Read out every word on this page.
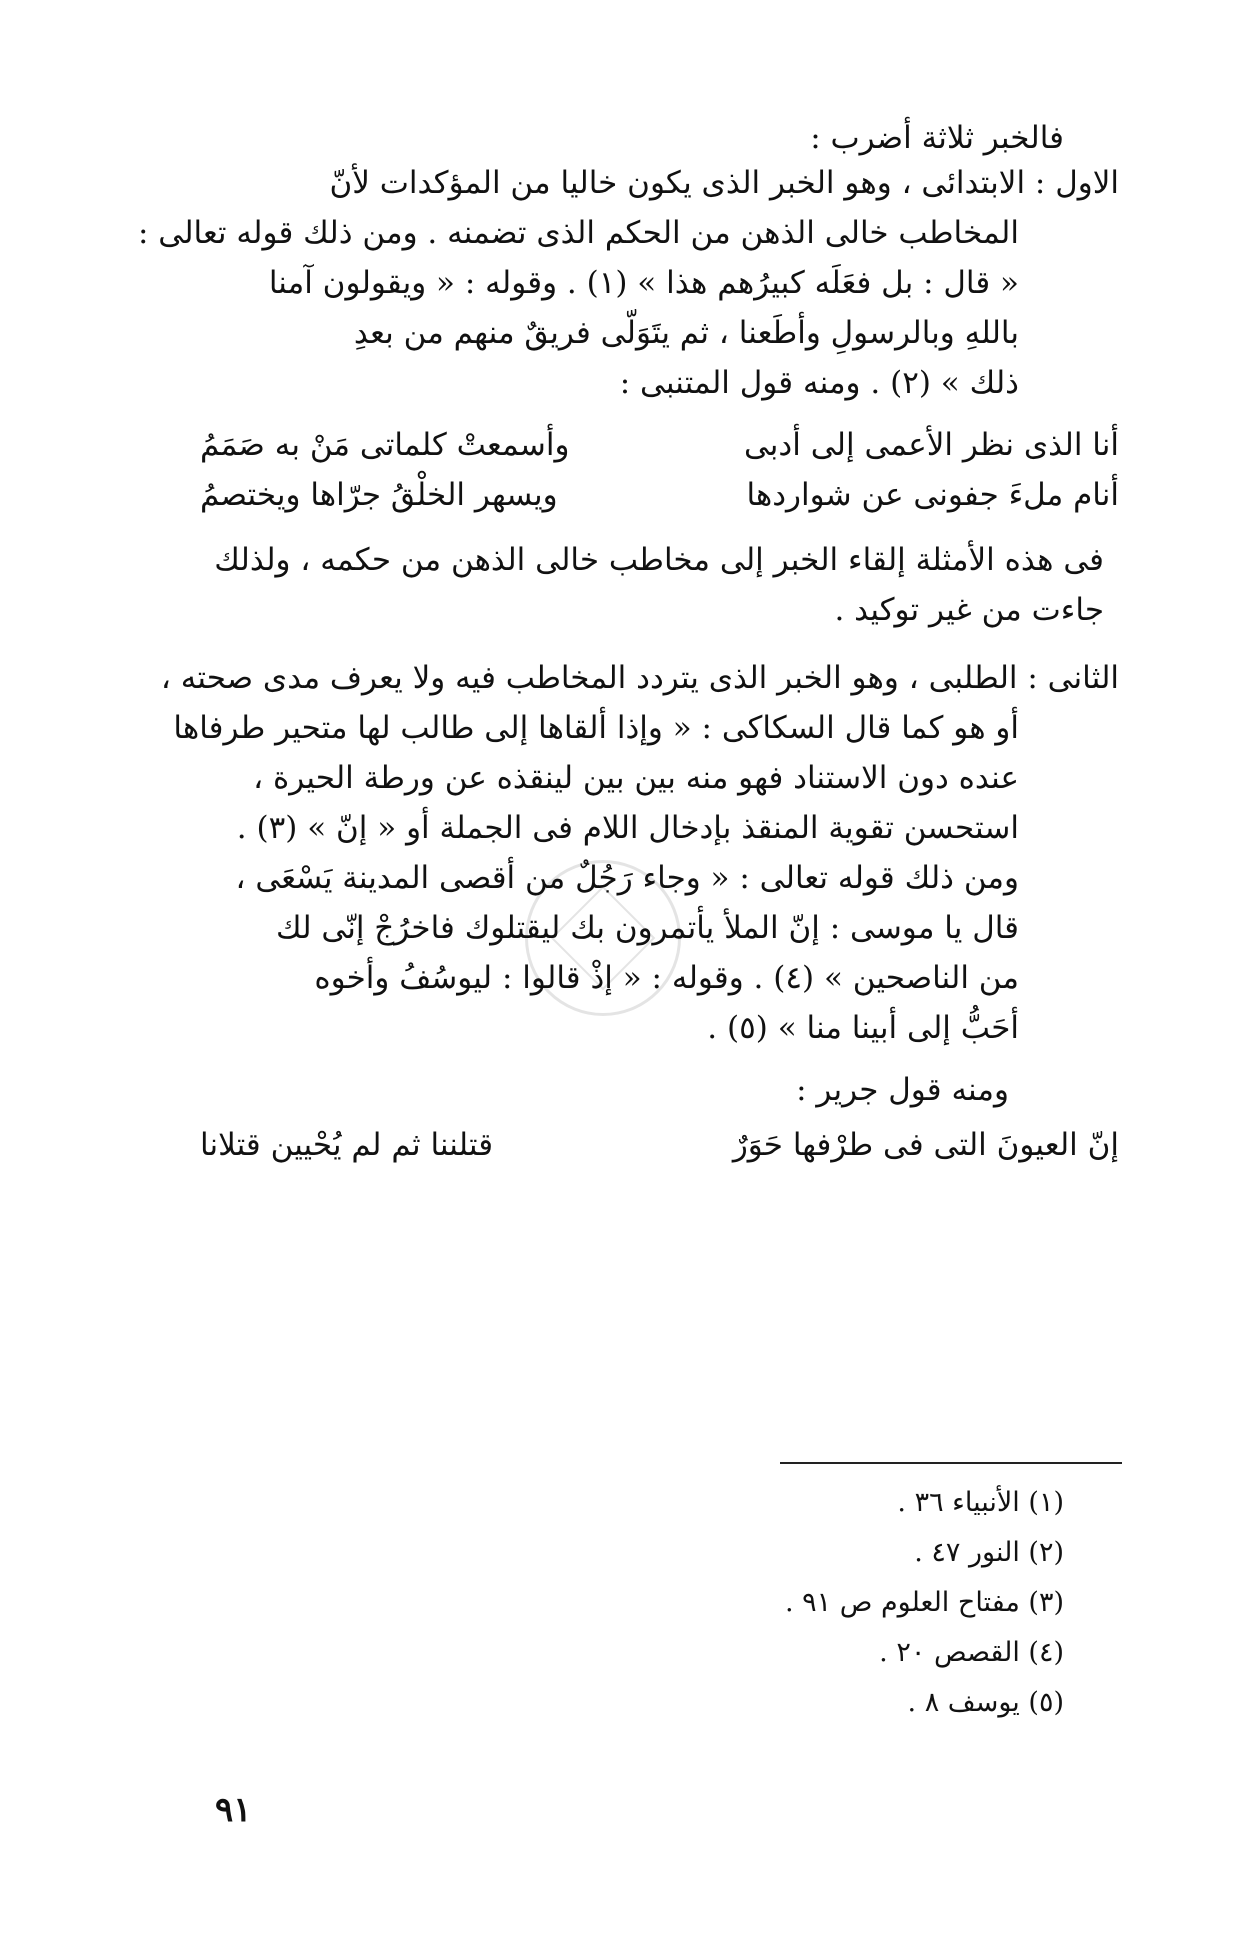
فالخبر ثلاثة أضرب :
الاول : الابتدائى ، وهو الخبر الذى يكون خاليا من المؤكدات لأنّ
المخاطب خالى الذهن من الحكم الذى تضمنه . ومن ذلك قوله تعالى :
« قال : بل فعَلَه كبيرُهم هذا » (١) . وقوله : « ويقولون آمنا
باللهِ وبالرسولِ وأطَعنا ، ثم يتَوَلّى فريقٌ منهم من بعدِ
ذلك » (٢) . ومنه قول المتنبى :
أنا الذى نظر الأعمى إلى أدبى
وأسمعتْ كلماتى مَنْ به صَمَمُ
أنام ملءَ جفونى عن شواردها
ويسهر الخلْقُ جرّاها ويختصمُ
فى هذه الأمثلة إلقاء الخبر إلى مخاطب خالى الذهن من حكمه ، ولذلك
جاءت من غير توكيد .
الثانى : الطلبى ، وهو الخبر الذى يتردد المخاطب فيه ولا يعرف مدى صحته ،
أو هو كما قال السكاكى : « وإذا ألقاها إلى طالب لها متحير طرفاها
عنده دون الاستناد فهو منه بين بين لينقذه عن ورطة الحيرة ،
استحسن تقوية المنقذ بإدخال اللام فى الجملة أو « إنّ » (٣) .
ومن ذلك قوله تعالى : « وجاء رَجُلٌ من أقصى المدينة يَسْعَى ،
قال يا موسى : إنّ الملأ يأتمرون بك ليقتلوك فاخرُجْ إنّى لك
من الناصحين » (٤) . وقوله : « إذْ قالوا : ليوسُفُ وأخوه
أحَبُّ إلى أبينا منا » (٥) .
ومنه قول جرير :
إنّ العيونَ التى فى طرْفها حَوَرٌ
قتلننا ثم لم يُحْيين قتلانا
(١) الأنبياء ٣٦ .
(٢) النور ٤٧ .
(٣) مفتاح العلوم ص ٩١ .
(٤) القصص ٢٠ .
(٥) يوسف ٨ .
٩١
